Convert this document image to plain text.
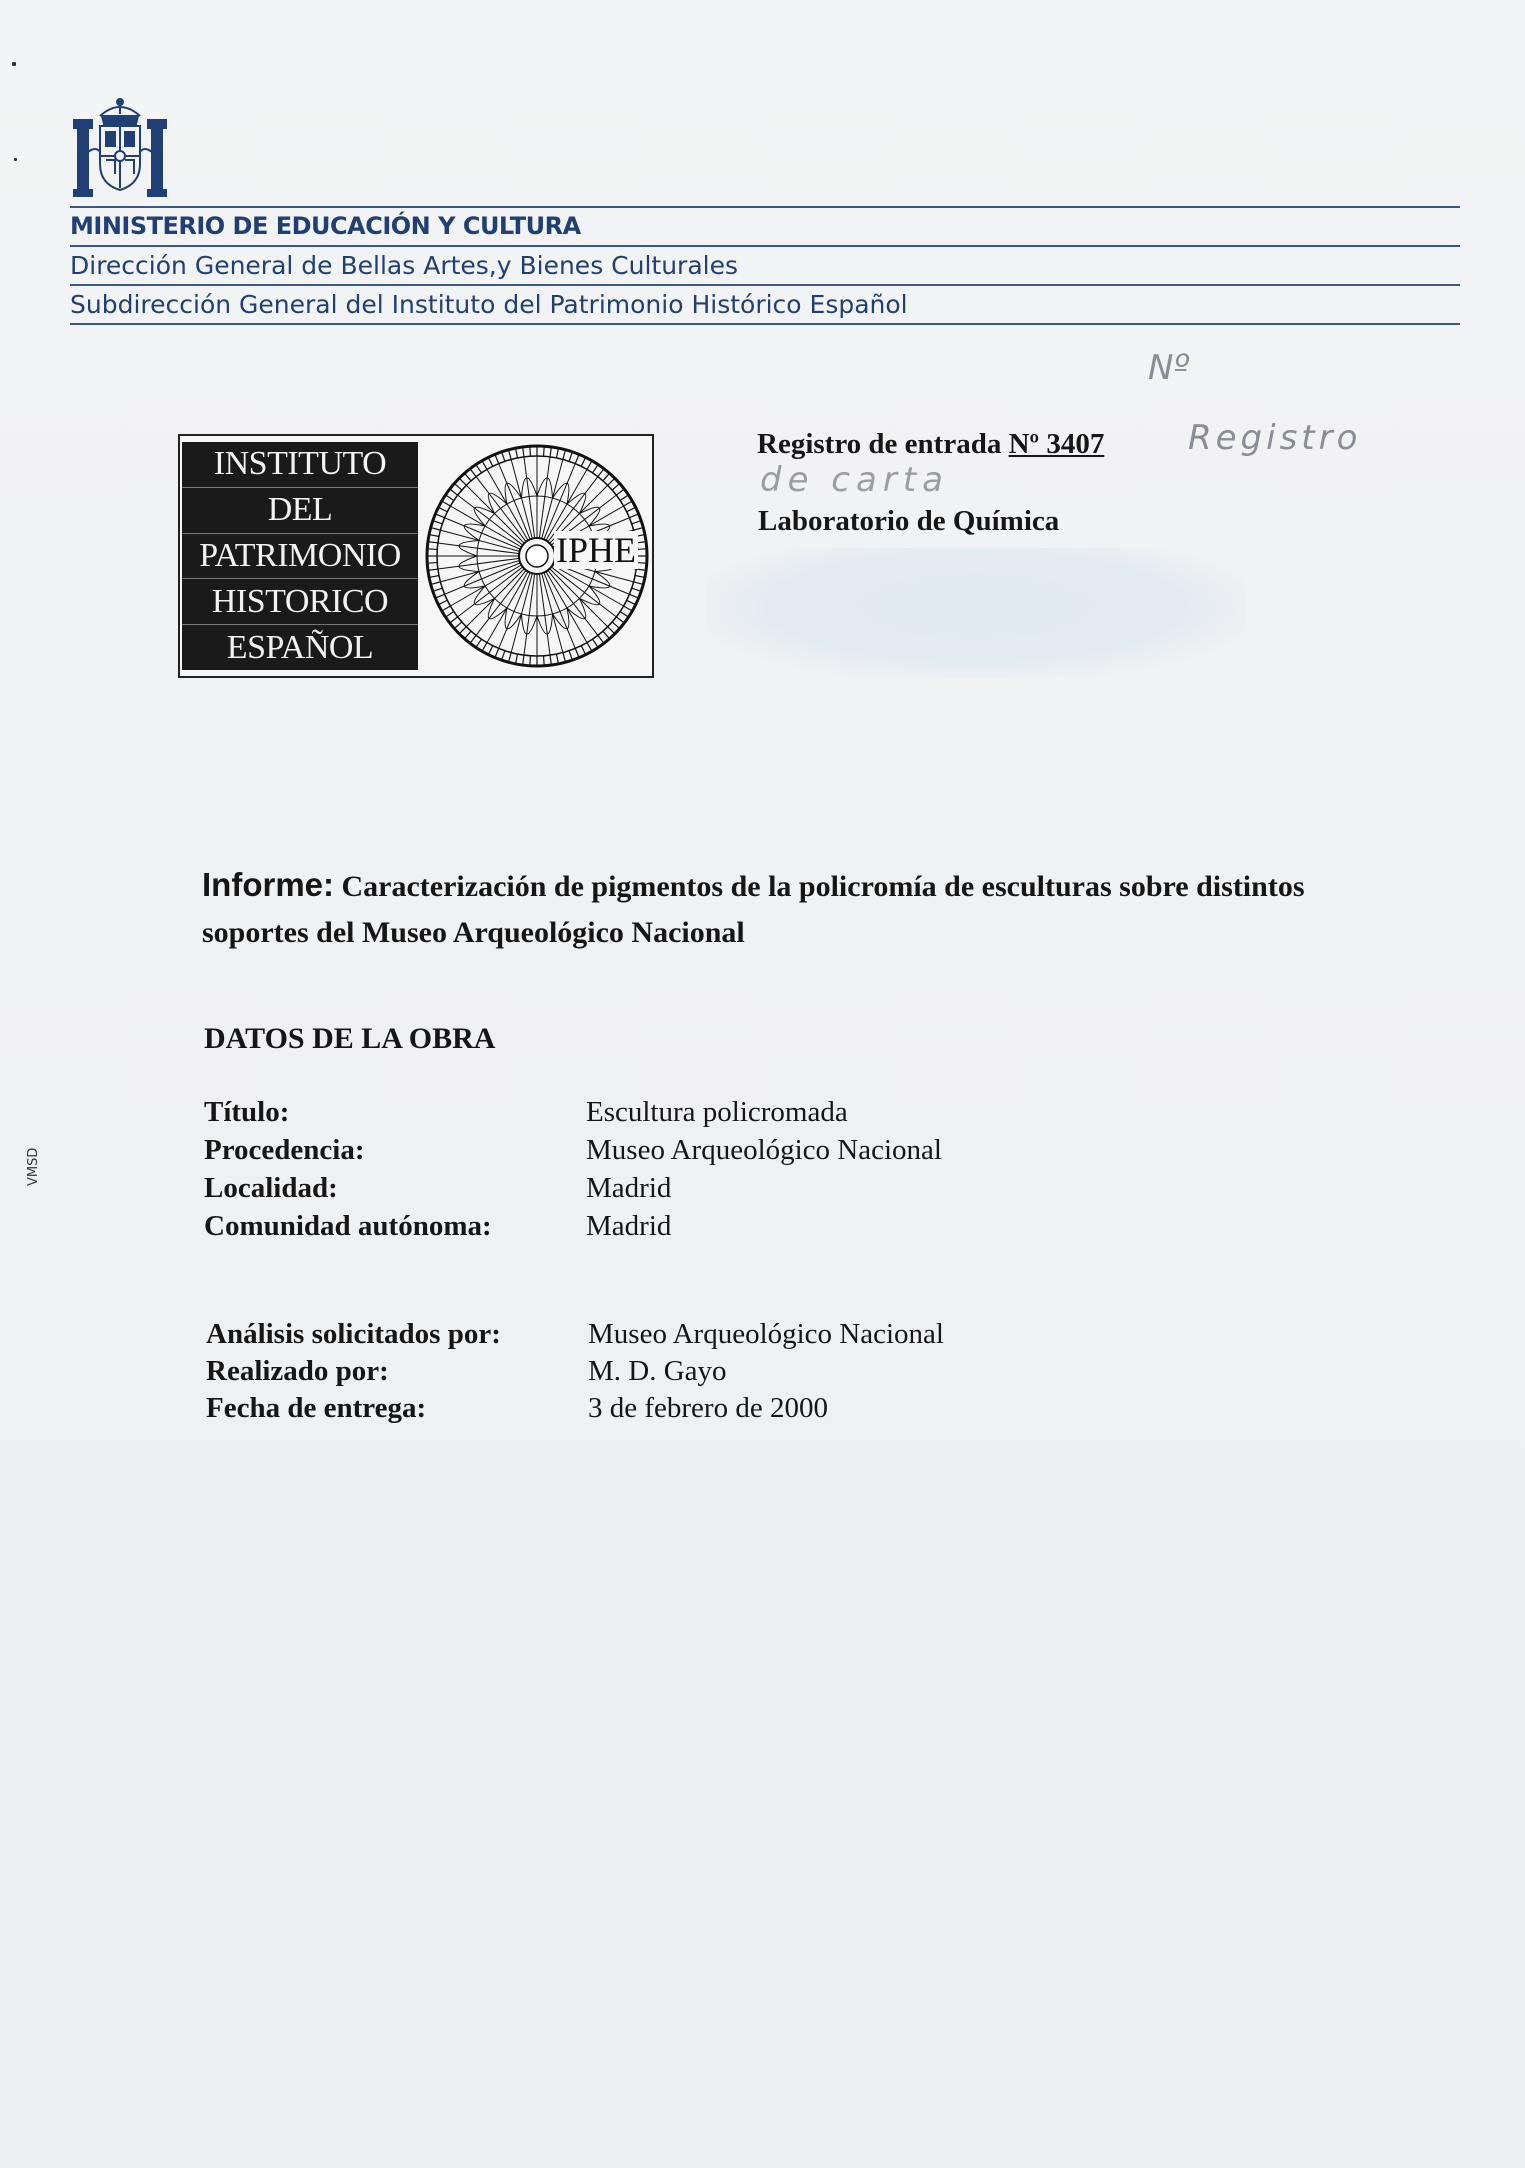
MINISTERIO DE EDUCACIÓN Y CULTURA
Dirección General de Bellas Artes,y Bienes Culturales
Subdirección General del Instituto del Patrimonio Histórico Español
INSTITUTO
DEL
PATRIMONIO
HISTORICO
ESPAÑOL
IPHE
Nº
Registro
de carta
Registro de entrada Nº 3407
Laboratorio de Química
VMSD
Informe: Caracterización de pigmentos de la policromía de esculturas sobre distintos soportes del Museo Arqueológico Nacional
DATOS DE LA OBRA
Título:	Escultura policromada
Procedencia:	Museo Arqueológico Nacional
Localidad:	Madrid
Comunidad autónoma:	Madrid
Análisis solicitados por:	Museo Arqueológico Nacional
Realizado por:	M. D. Gayo
Fecha de entrega:	3 de febrero de 2000
